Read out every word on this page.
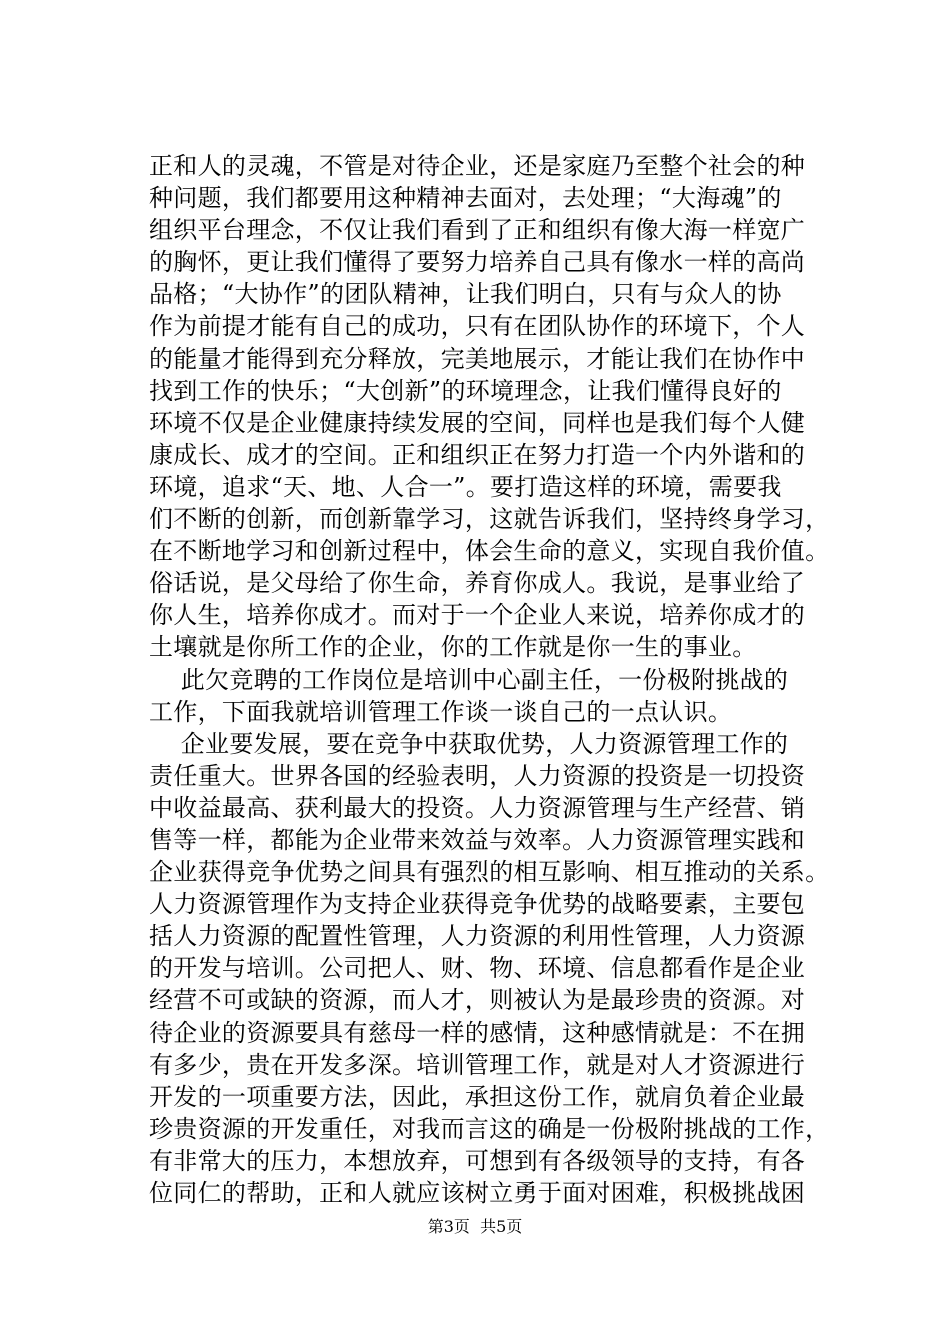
正和人的灵魂，不管是对待企业，还是家庭乃至整个社会的种
种问题，我们都要用这种精神去面对，去处理；“大海魂”的
组织平台理念，不仅让我们看到了正和组织有像大海一样宽广
的胸怀，更让我们懂得了要努力培养自己具有像水一样的高尚
品格；“大协作”的团队精神，让我们明白，只有与众人的协
作为前提才能有自己的成功，只有在团队协作的环境下，个人
的能量才能得到充分释放，完美地展示，才能让我们在协作中
找到工作的快乐；“大创新”的环境理念，让我们懂得良好的
环境不仅是企业健康持续发展的空间，同样也是我们每个人健
康成长、成才的空间。正和组织正在努力打造一个内外谐和的
环境，追求“天、地、人合一”。要打造这样的环境，需要我
们不断的创新，而创新靠学习，这就告诉我们，坚持终身学习，
在不断地学习和创新过程中，体会生命的意义，实现自我价值。
俗话说，是父母给了你生命，养育你成人。我说，是事业给了
你人生，培养你成才。而对于一个企业人来说，培养你成才的
土壤就是你所工作的企业，你的工作就是你一生的事业。
此欠竞聘的工作岗位是培训中心副主任，一份极附挑战的
工作，下面我就培训管理工作谈一谈自己的一点认识。
企业要发展，要在竞争中获取优势，人力资源管理工作的
责任重大。世界各国的经验表明，人力资源的投资是一切投资
中收益最高、获利最大的投资。人力资源管理与生产经营、销
售等一样，都能为企业带来效益与效率。人力资源管理实践和
企业获得竞争优势之间具有强烈的相互影响、相互推动的关系。
人力资源管理作为支持企业获得竞争优势的战略要素，主要包
括人力资源的配置性管理，人力资源的利用性管理，人力资源
的开发与培训。公司把人、财、物、环境、信息都看作是企业
经营不可或缺的资源，而人才，则被认为是最珍贵的资源。对
待企业的资源要具有慈母一样的感情，这种感情就是：不在拥
有多少，贵在开发多深。培训管理工作，就是对人才资源进行
开发的一项重要方法，因此，承担这份工作，就肩负着企业最
珍贵资源的开发重任，对我而言这的确是一份极附挑战的工作，
有非常大的压力，本想放弃，可想到有各级领导的支持，有各
位同仁的帮助，正和人就应该树立勇于面对困难，积极挑战困
第3页  共5页
